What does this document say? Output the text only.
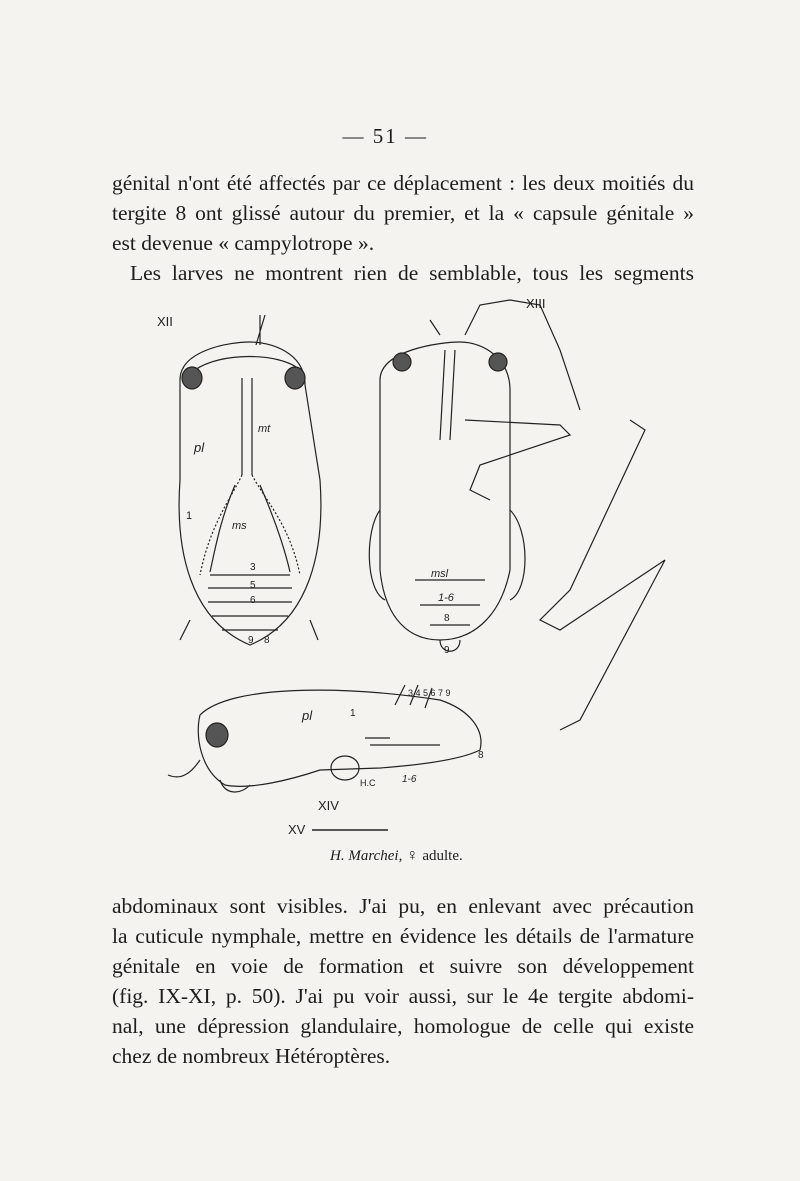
— 51 —
génital n'ont été affectés par ce déplacement : les deux moitiés du
tergite 8 ont glissé autour du premier, et la « capsule génitale »
est devenue « campylotrope ».
Les larves ne montrent rien de semblable, tous les segments
XII
XIII
XIV
XV
pl
mt
ms
1
3
5
6
9 8
msl
1-6
8
9
pl	1
3 4 5 6 7 9
H.C	1-6
8
H. Marchei, ♀ adulte.
abdominaux sont visibles. J'ai pu, en enlevant avec précaution
la cuticule nymphale, mettre en évidence les détails de l'armature
génitale en voie de formation et suivre son développement
(fig. IX-XI, p. 50). J'ai pu voir aussi, sur le 4e tergite abdomi-
nal, une dépression glandulaire, homologue de celle qui existe
chez de nombreux Hétéroptères.
